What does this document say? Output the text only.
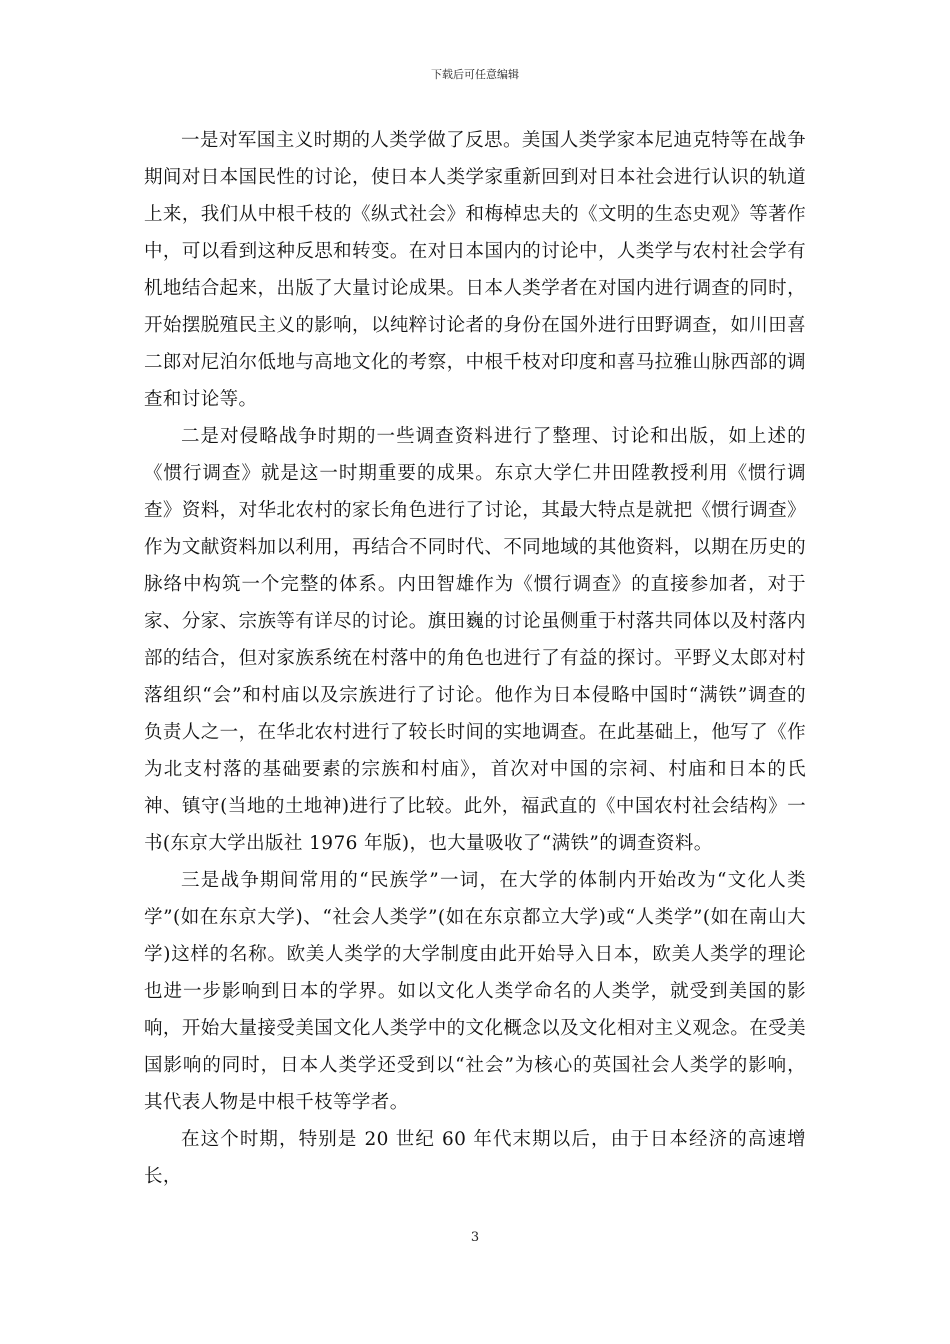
下载后可任意编辑

一是对军国主义时期的人类学做了反思。美国人类学家本尼迪克特等在战争期间对日本国民性的讨论，使日本人类学家重新回到对日本社会进行认识的轨道上来，我们从中根千枝的《纵式社会》和梅棹忠夫的《文明的生态史观》等著作中，可以看到这种反思和转变。在对日本国内的讨论中，人类学与农村社会学有机地结合起来，出版了大量讨论成果。日本人类学者在对国内进行调查的同时，开始摆脱殖民主义的影响，以纯粹讨论者的身份在国外进行田野调查，如川田喜二郎对尼泊尔低地与高地文化的考察，中根千枝对印度和喜马拉雅山脉西部的调查和讨论等。

二是对侵略战争时期的一些调查资料进行了整理、讨论和出版，如上述的《惯行调查》就是这一时期重要的成果。东京大学仁井田陞教授利用《惯行调查》资料，对华北农村的家长角色进行了讨论，其最大特点是就把《惯行调查》作为文献资料加以利用，再结合不同时代、不同地域的其他资料，以期在历史的脉络中构筑一个完整的体系。内田智雄作为《惯行调查》的直接参加者，对于家、分家、宗族等有详尽的讨论。旗田巍的讨论虽侧重于村落共同体以及村落内部的结合，但对家族系统在村落中的角色也进行了有益的探讨。平野义太郎对村落组织“会”和村庙以及宗族进行了讨论。他作为日本侵略中国时“满铁”调查的负责人之一，在华北农村进行了较长时间的实地调查。在此基础上，他写了《作为北支村落的基础要素的宗族和村庙》，首次对中国的宗祠、村庙和日本的氏神、镇守(当地的土地神)进行了比较。此外，福武直的《中国农村社会结构》一书(东京大学出版社 1976 年版)，也大量吸收了“满铁”的调查资料。

三是战争期间常用的“民族学”一词，在大学的体制内开始改为“文化人类学”(如在东京大学)、“社会人类学”(如在东京都立大学)或“人类学”(如在南山大学)这样的名称。欧美人类学的大学制度由此开始导入日本，欧美人类学的理论也进一步影响到日本的学界。如以文化人类学命名的人类学，就受到美国的影响，开始大量接受美国文化人类学中的文化概念以及文化相对主义观念。在受美国影响的同时，日本人类学还受到以“社会”为核心的英国社会人类学的影响，其代表人物是中根千枝等学者。

在这个时期，特别是 20 世纪 60 年代末期以后，由于日本经济的高速增长，

3
